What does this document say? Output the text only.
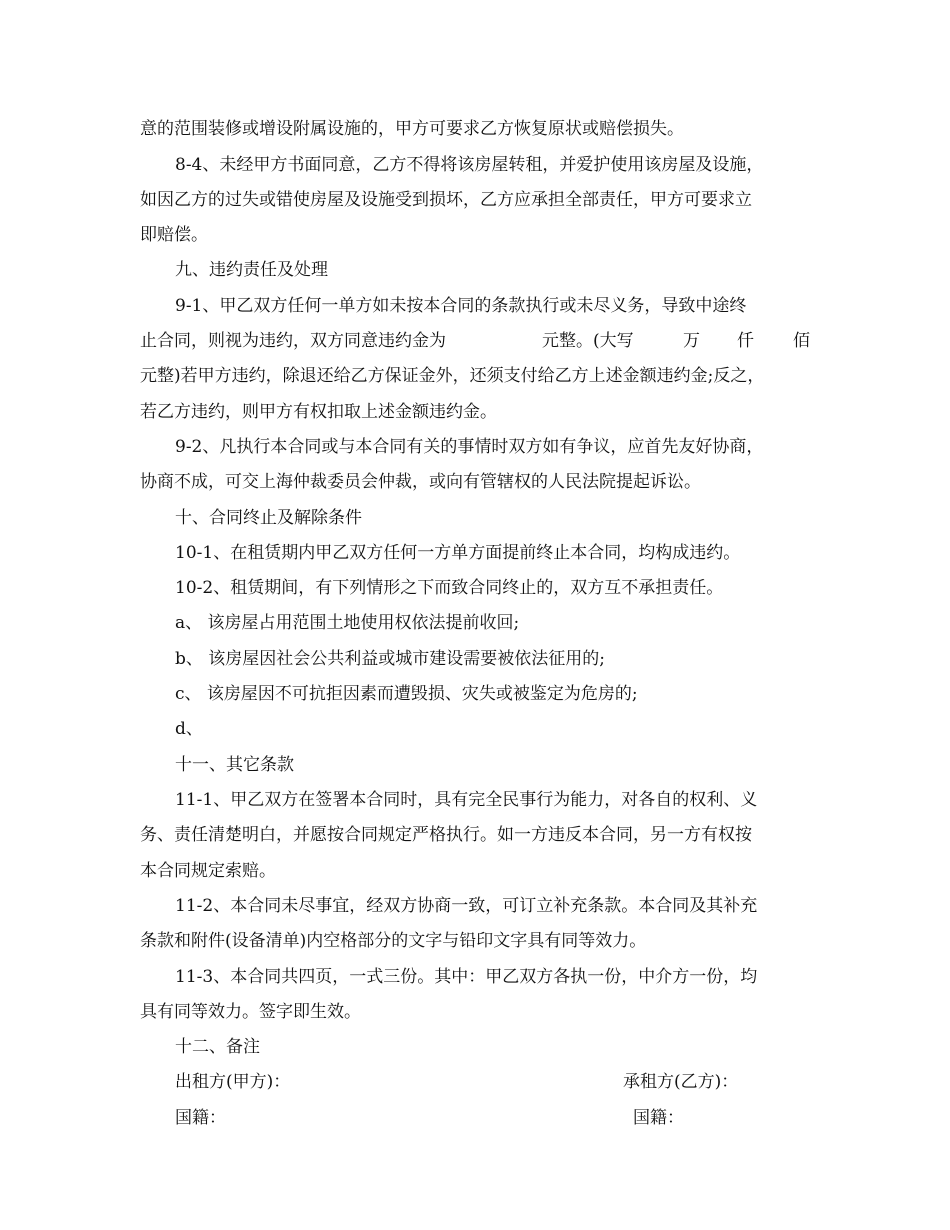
意的范围装修或增设附属设施的，甲方可要求乙方恢复原状或赔偿损失。
8-4、未经甲方书面同意，乙方不得将该房屋转租，并爱护使用该房屋及设施，
如因乙方的过失或错使房屋及设施受到损坏，乙方应承担全部责任，甲方可要求立
即赔偿。
九、违约责任及处理
9-1、甲乙双方任何一单方如未按本合同的条款执行或未尽义务，导致中途终
止合同，则视为违约，双方同意违约金为	元整。(大写	万 仟 佰
元整)若甲方违约，除退还给乙方保证金外，还须支付给乙方上述金额违约金;反之，
若乙方违约，则甲方有权扣取上述金额违约金。
9-2、凡执行本合同或与本合同有关的事情时双方如有争议，应首先友好协商，
协商不成，可交上海仲裁委员会仲裁，或向有管辖权的人民法院提起诉讼。
十、合同终止及解除条件
10-1、在租赁期内甲乙双方任何一方单方面提前终止本合同，均构成违约。
10-2、租赁期间，有下列情形之下而致合同终止的，双方互不承担责任。
a、 该房屋占用范围土地使用权依法提前收回;
b、 该房屋因社会公共利益或城市建设需要被依法征用的;
c、 该房屋因不可抗拒因素而遭毁损、灾失或被鉴定为危房的;
d、
十一、其它条款
11-1、甲乙双方在签署本合同时，具有完全民事行为能力，对各自的权利、义
务、责任清楚明白，并愿按合同规定严格执行。如一方违反本合同，另一方有权按
本合同规定索赔。
11-2、本合同未尽事宜，经双方协商一致，可订立补充条款。本合同及其补充
条款和附件(设备清单)内空格部分的文字与铅印文字具有同等效力。
11-3、本合同共四页，一式三份。其中：甲乙双方各执一份，中介方一份，均
具有同等效力。签字即生效。
十二、备注
出租方(甲方)：	承租方(乙方)：
国籍：	国籍：
